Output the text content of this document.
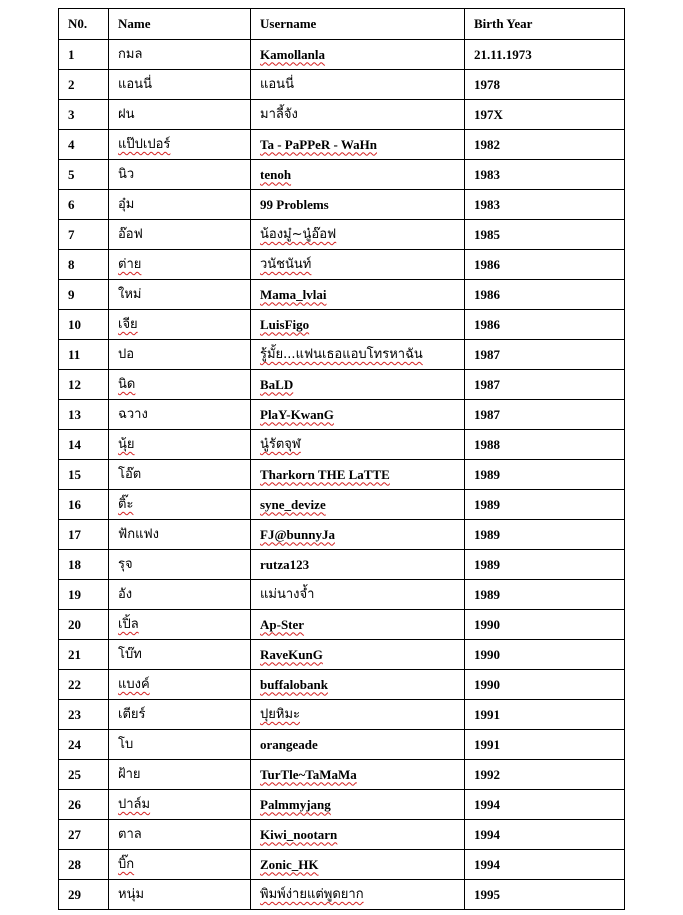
N0.	Name	Username	Birth Year
1	กมล	Kamollanla	21.11.1973
2	แอนนี่	แอนนี่	1978
3	ฝน	มาลี้จัง	197X
4	แป๊ปเปอร์	Ta - PaPPeR - WaHn	1982
5	นิว	tenoh	1983
6	อุ๋ม	99 Problems	1983
7	อ๊อฟ	น้องมู๋~นู๋อ๊อฟ	1985
8	ต่าย	วนัชนันท์	1986
9	ใหม่	Mama_lvlai	1986
10	เจีย	LuisFigo	1986
11	ปอ	รู้มั้ย...แฟนเธอแอบโทรหาฉัน	1987
12	นิด	BaLD	1987
13	ฉวาง	PlaY-KwanG	1987
14	นุ้ย	นู๋รัตจุฬ	1988
15	โอ๊ต	Tharkorn THE LaTTE	1989
16	ติ๊ะ	syne_devize	1989
17	ฟักแฟง	FJ@bunnyJa	1989
18	รุจ	rutza123	1989
19	อัง	แม่นางจ้ำ	1989
20	เปิ้ล	Ap-Ster	1990
21	โบ๊ท	RaveKunG	1990
22	แบงค์	buffalobank	1990
23	เตียร์	ปุยหิมะ	1991
24	โบ	orangeade	1991
25	ฝ้าย	TurTle~TaMaMa	1992
26	ปาล์ม	Palmmyjang	1994
27	ตาล	Kiwi_nootarn	1994
28	บิ๊ก	Zonic_HK	1994
29	หนุ่ม	พิมพ์ง่ายแต่พูดยาก	1995
